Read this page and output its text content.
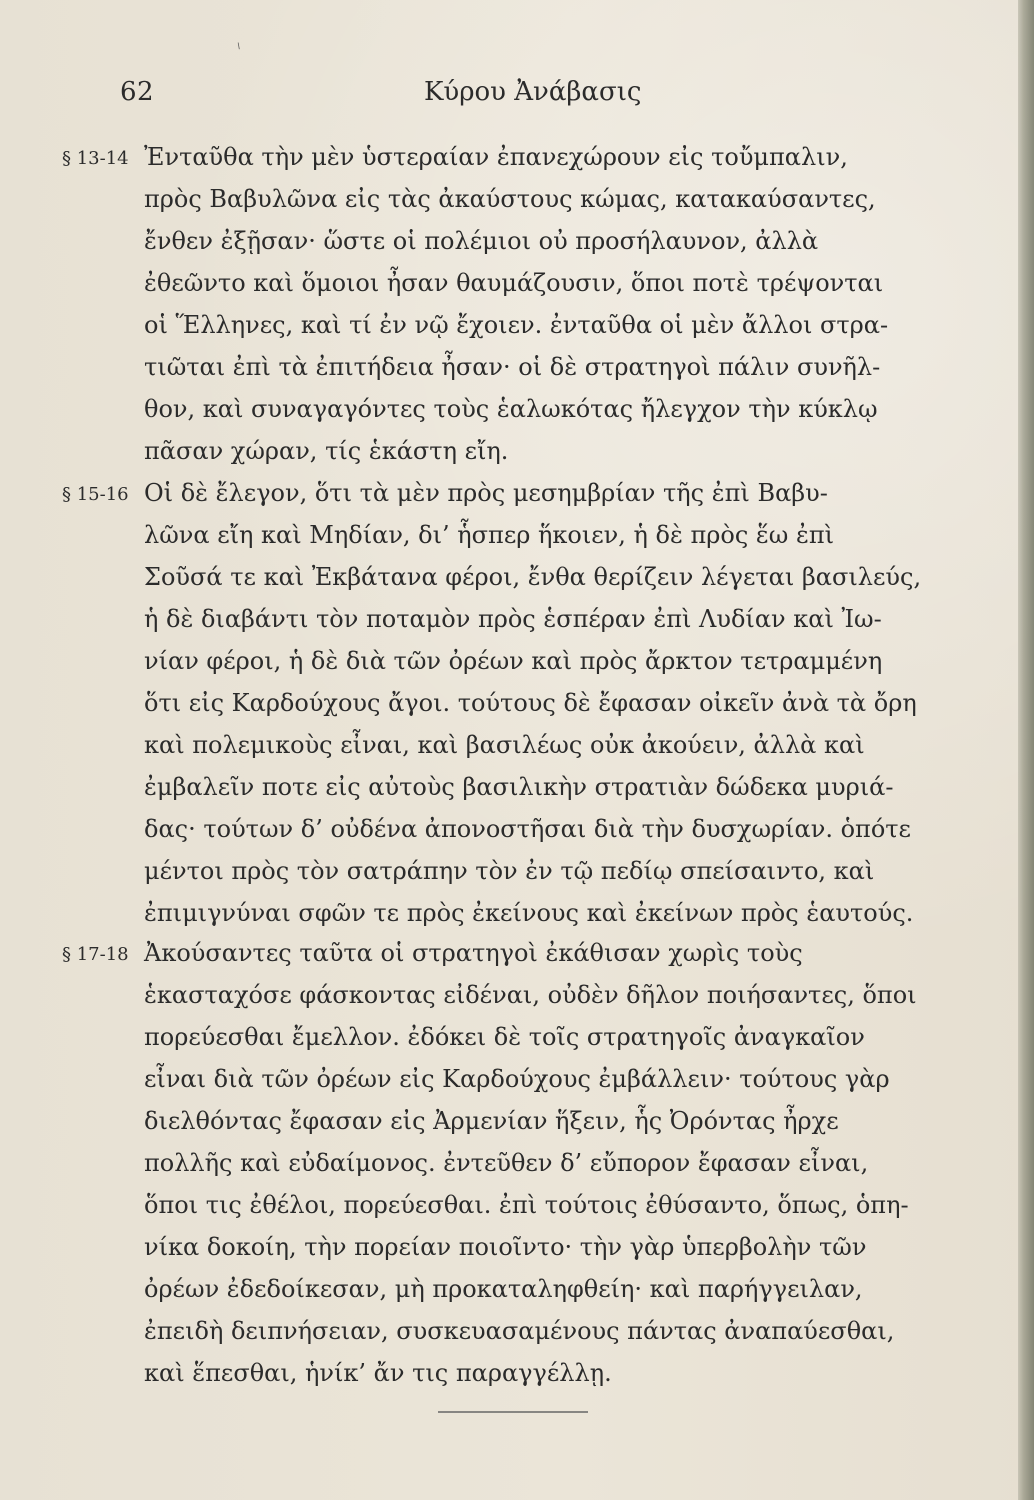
⸜
62	Κύρου Ἀνάβασις
§ 13-14 Ἐνταῦθα τὴν μὲν ὑστεραίαν ἐπανεχώρουν εἰς τοὔμπαλιν,
πρὸς Βαβυλῶνα εἰς τὰς ἀκαύστους κώμας, κατακαύσαντες,
ἔνθεν ἐξῇσαν· ὥστε οἱ πολέμιοι οὐ προσήλαυνον, ἀλλὰ
ἐθεῶντο καὶ ὅμοιοι ἦσαν θαυμάζουσιν, ὅποι ποτὲ τρέψονται
οἱ Ἕλληνες, καὶ τί ἐν νῷ ἔχοιεν. ἐνταῦθα οἱ μὲν ἄλλοι στρα-
τιῶται ἐπὶ τὰ ἐπιτήδεια ἦσαν· οἱ δὲ στρατηγοὶ πάλιν συνῆλ-
θον, καὶ συναγαγόντες τοὺς ἑαλωκότας ἤλεγχον τὴν κύκλῳ
πᾶσαν χώραν, τίς ἑκάστη εἴη.
§ 15-16 Οἱ δὲ ἔλεγον, ὅτι τὰ μὲν πρὸς μεσημβρίαν τῆς ἐπὶ Βαβυ-
λῶνα εἴη καὶ Μηδίαν, δι’ ἧσπερ ἥκοιεν, ἡ δὲ πρὸς ἕω ἐπὶ
Σοῦσά τε καὶ Ἐκβάτανα φέροι, ἔνθα θερίζειν λέγεται βασιλεύς,
ἡ δὲ διαβάντι τὸν ποταμὸν πρὸς ἑσπέραν ἐπὶ Λυδίαν καὶ Ἰω-
νίαν φέροι, ἡ δὲ διὰ τῶν ὀρέων καὶ πρὸς ἄρκτον τετραμμένη
ὅτι εἰς Καρδούχους ἄγοι. τούτους δὲ ἔφασαν οἰκεῖν ἀνὰ τὰ ὄρη
καὶ πολεμικοὺς εἶναι, καὶ βασιλέως οὐκ ἀκούειν, ἀλλὰ καὶ
ἐμβαλεῖν ποτε εἰς αὐτοὺς βασιλικὴν στρατιὰν δώδεκα μυριά-
δας· τούτων δ’ οὐδένα ἀπονοστῆσαι διὰ τὴν δυσχωρίαν. ὁπότε
μέντοι πρὸς τὸν σατράπην τὸν ἐν τῷ πεδίῳ σπείσαιντο, καὶ
ἐπιμιγνύναι σφῶν τε πρὸς ἐκείνους καὶ ἐκείνων πρὸς ἑαυτούς.
§ 17-18 Ἀκούσαντες ταῦτα οἱ στρατηγοὶ ἐκάθισαν χωρὶς τοὺς
ἑκασταχόσε φάσκοντας εἰδέναι, οὐδὲν δῆλον ποιήσαντες, ὅποι
πορεύεσθαι ἔμελλον. ἐδόκει δὲ τοῖς στρατηγοῖς ἀναγκαῖον
εἶναι διὰ τῶν ὀρέων εἰς Καρδούχους ἐμβάλλειν· τούτους γὰρ
διελθόντας ἔφασαν εἰς Ἀρμενίαν ἥξειν, ἧς Ὀρόντας ἦρχε
πολλῆς καὶ εὐδαίμονος. ἐντεῦθεν δ’ εὔπορον ἔφασαν εἶναι,
ὅποι τις ἐθέλοι, πορεύεσθαι. ἐπὶ τούτοις ἐθύσαντο, ὅπως, ὁπη-
νίκα δοκοίη, τὴν πορείαν ποιοῖντο· τὴν γὰρ ὑπερβολὴν τῶν
ὀρέων ἐδεδοίκεσαν, μὴ προκαταληφθείη· καὶ παρήγγειλαν,
ἐπειδὴ δειπνήσειαν, συσκευασαμένους πάντας ἀναπαύεσθαι,
καὶ ἕπεσθαι, ἡνίκ’ ἄν τις παραγγέλλῃ.
